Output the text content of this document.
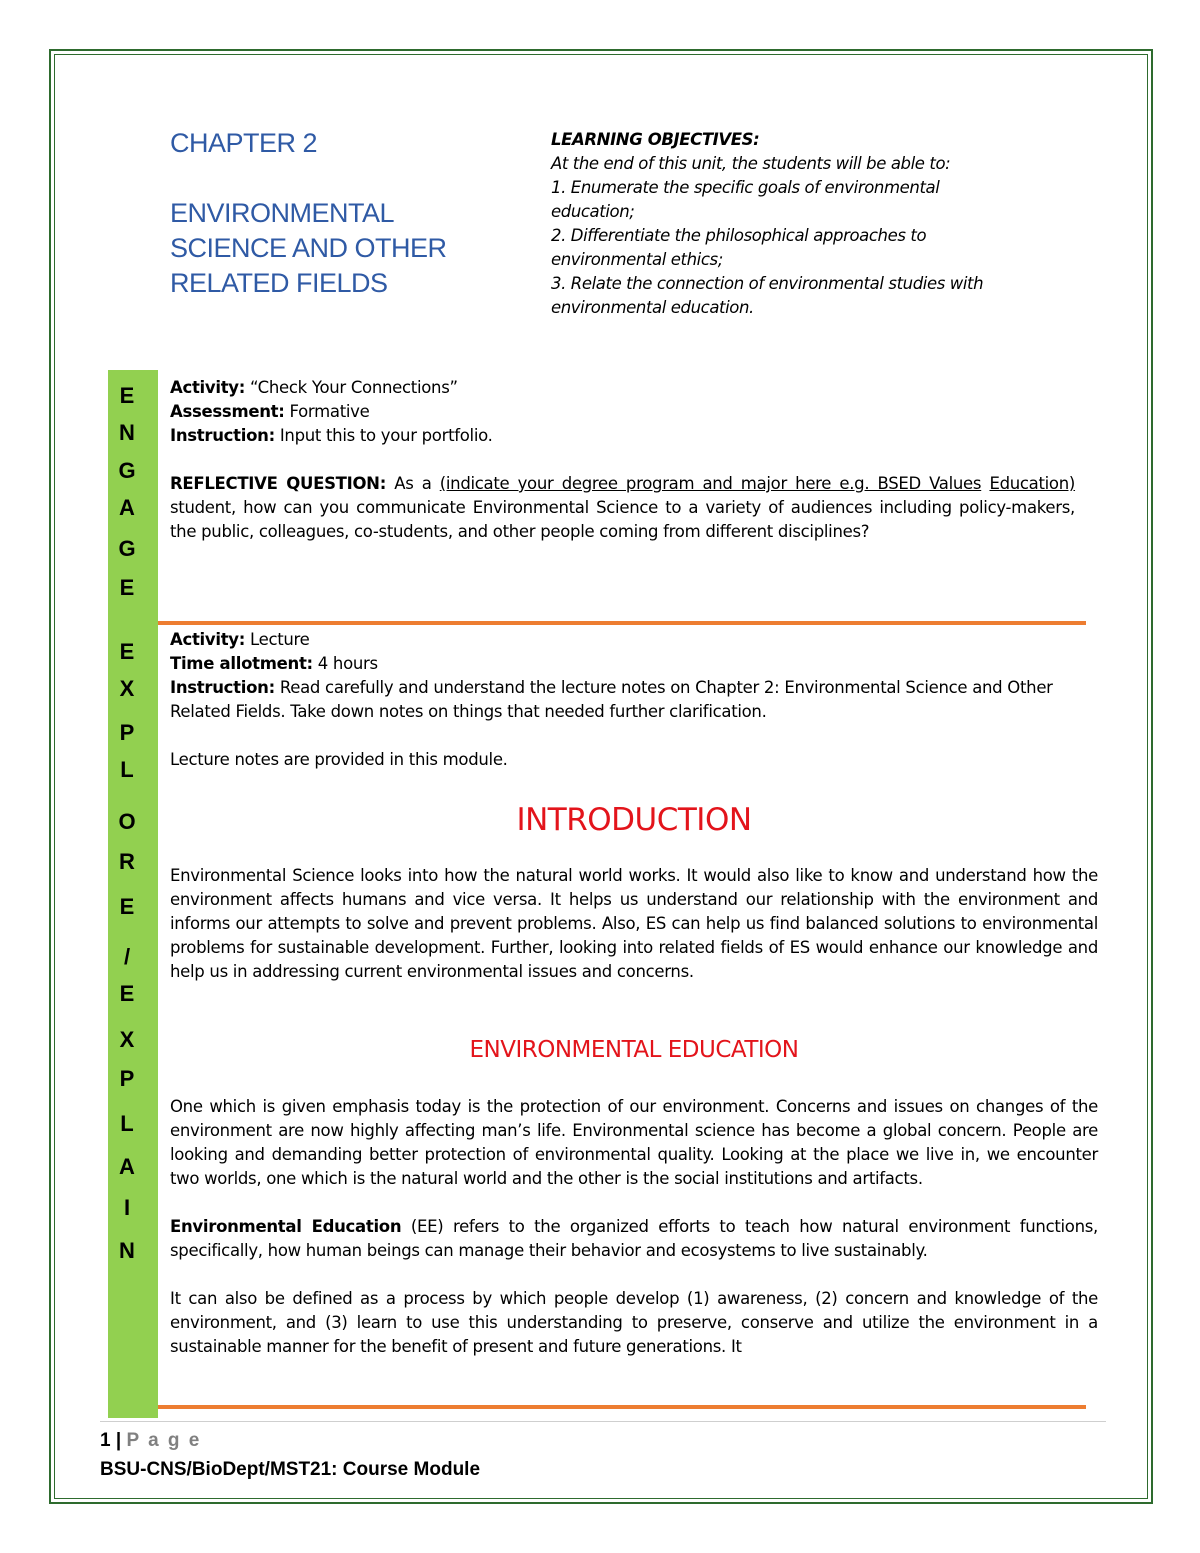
CHAPTER 2
ENVIRONMENTAL
SCIENCE AND OTHER
RELATED FIELDS
LEARNING OBJECTIVES:
At the end of this unit, the students will be able to:
1. Enumerate the specific goals of environmental
education;
2. Differentiate the philosophical approaches to
environmental ethics;
3. Relate the connection of environmental studies with
environmental education.
E
N
G
A
G
E
E
X
P
L
O
R
E
/
E
X
P
L
A
I
N

Activity: “Check Your Connections”

Assessment: Formative

Instruction: Input this to your portfolio.

REFLECTIVE QUESTION: As a (indicate your degree program and major here e.g. BSED Values Education) student, how can you communicate Environmental Science to a variety of audiences including policy-makers, the public, colleagues, co-students, and other people coming from different disciplines?

Activity: Lecture

Time allotment: 4 hours

Instruction: Read carefully and understand the lecture notes on Chapter 2: Environmental Science and Other Related Fields. Take down notes on things that needed further clarification.

Lecture notes are provided in this module.

INTRODUCTION

Environmental Science looks into how the natural world works. It would also like to know and understand how the environment affects humans and vice versa. It helps us understand our relationship with the environment and informs our attempts to solve and prevent problems. Also, ES can help us find balanced solutions to environmental problems for sustainable development. Further, looking into related fields of ES would enhance our knowledge and help us in addressing current environmental issues and concerns.

ENVIRONMENTAL EDUCATION

One which is given emphasis today is the protection of our environment. Concerns and issues on changes of the environment are now highly affecting man’s life. Environmental science has become a global concern. People are looking and demanding better protection of environmental quality. Looking at the place we live in, we encounter two worlds, one which is the natural world and the other is the social institutions and artifacts.

Environmental Education (EE) refers to the organized efforts to teach how natural environment functions, specifically, how human beings can manage their behavior and ecosystems to live sustainably.

It can also be defined as a process by which people develop (1) awareness, (2) concern and knowledge of the environment, and (3) learn to use this understanding to preserve, conserve and utilize the environment in a sustainable manner for the benefit of present and future generations. It

1 | P a g e
BSU-CNS/BioDept/MST21: Course Module
